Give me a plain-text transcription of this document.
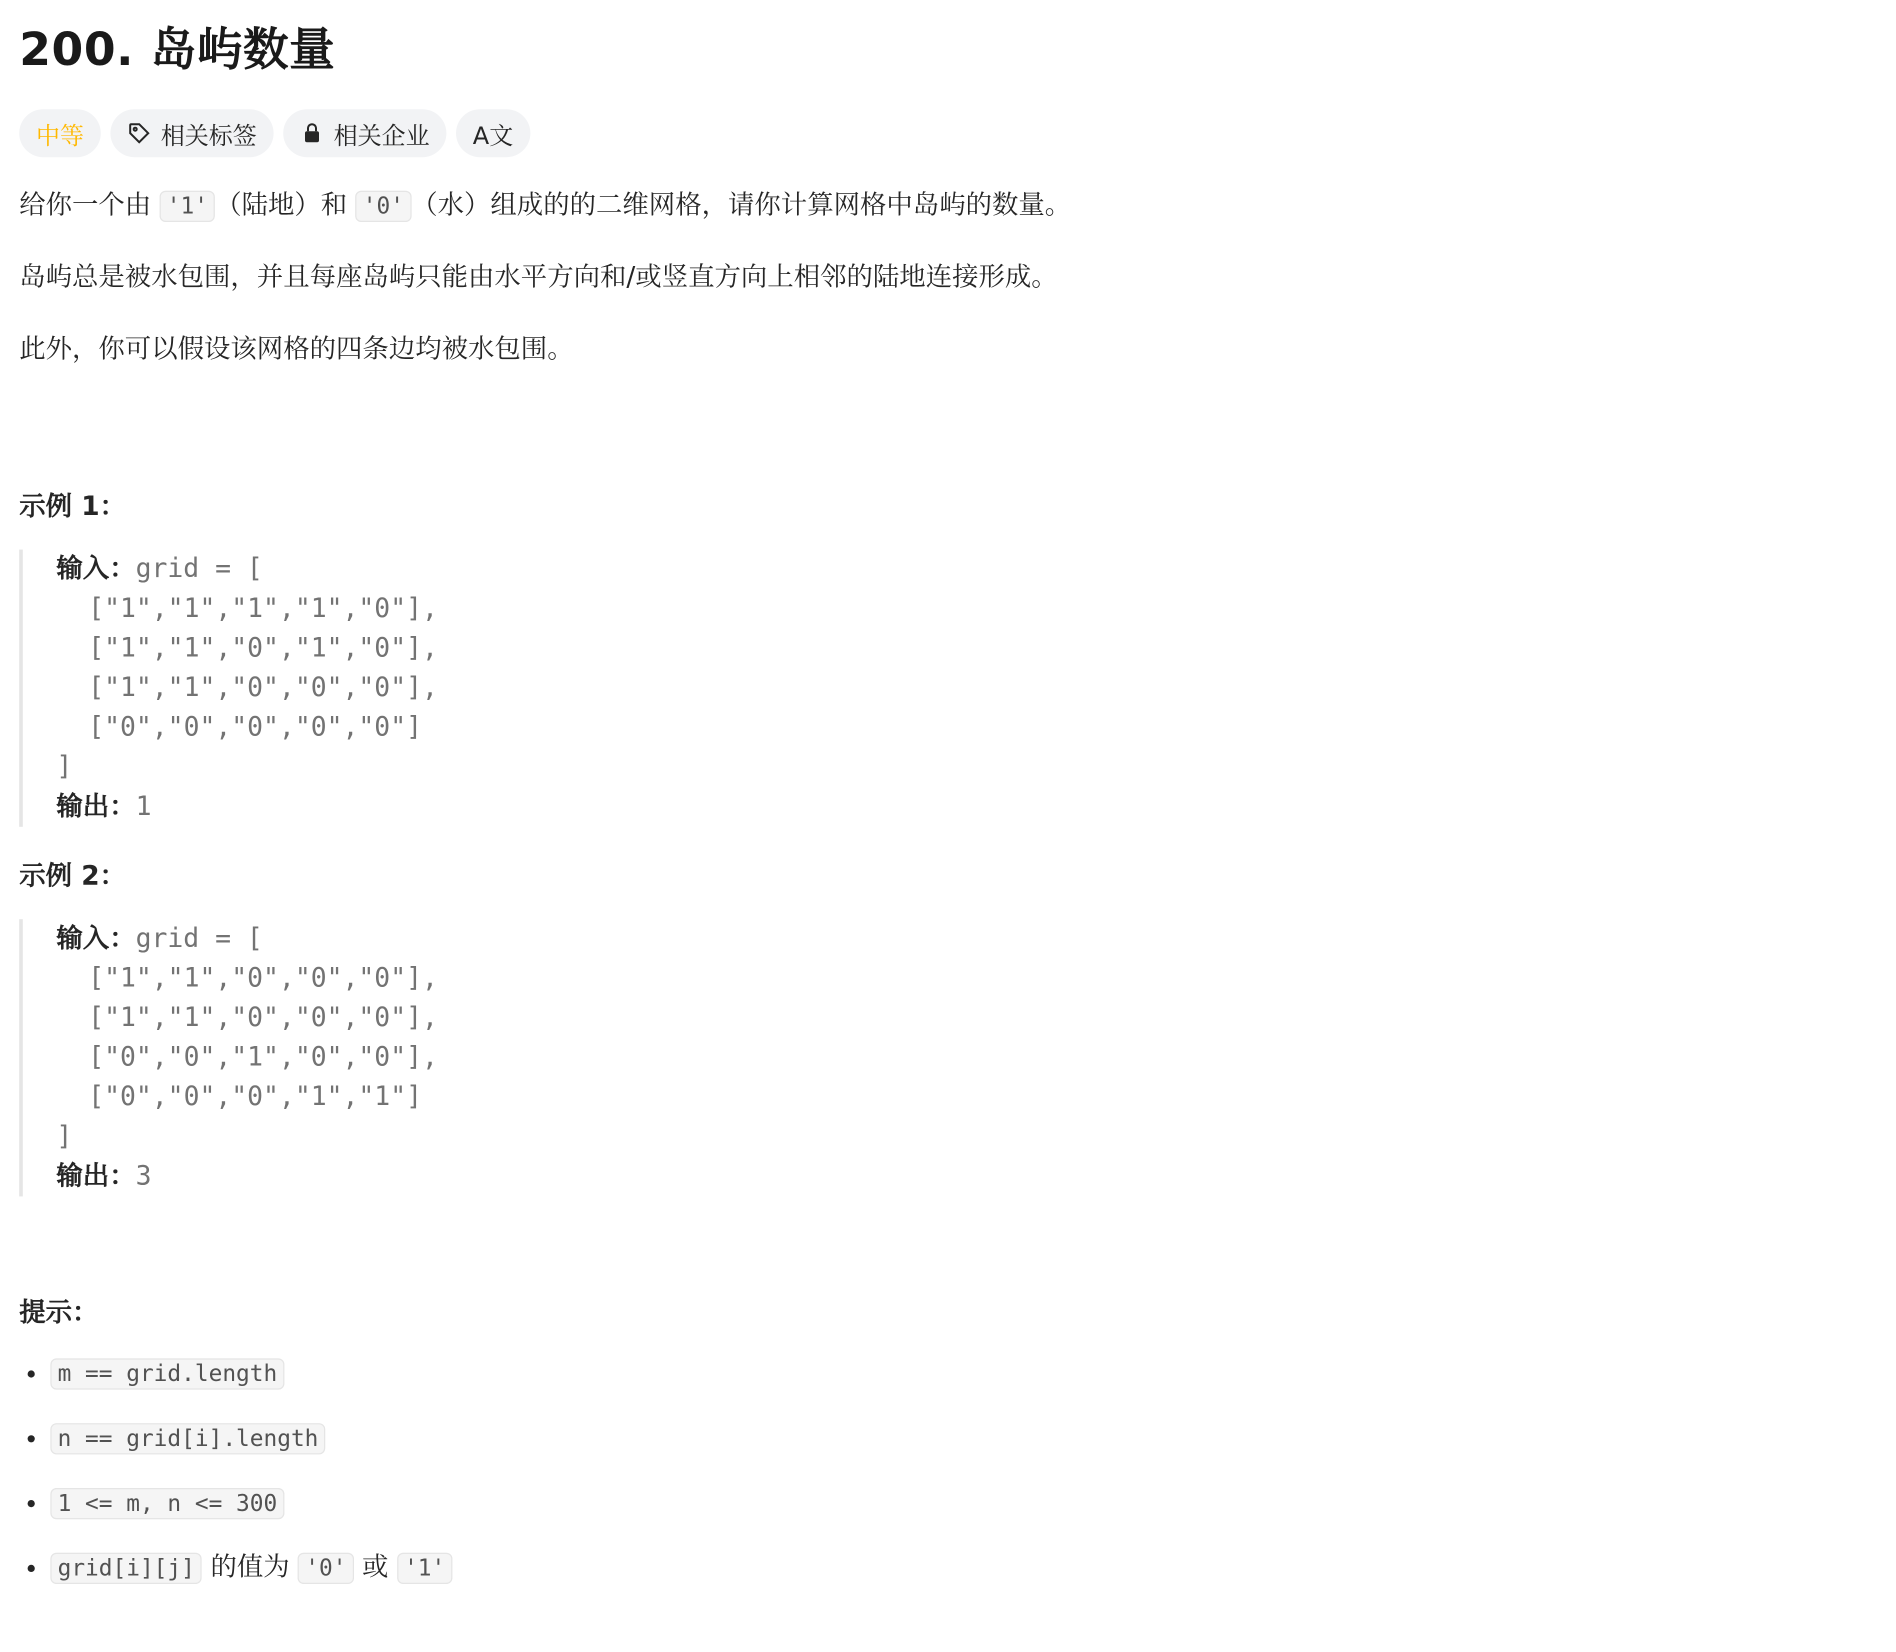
200. 岛屿数量
中等	相关标签	相关企业 A文

给你一个由 '1' （陆地）和 '0' （水）组成的的二维网格，请你计算网格中岛屿的数量。

岛屿总是被水包围，并且每座岛屿只能由水平方向和/或竖直方向上相邻的陆地连接形成。

此外，你可以假设该网格的四条边均被水包围。

示例 1：
输入：grid = [
["1","1","1","1","0"],
["1","1","0","1","0"],
["1","1","0","0","0"],
["0","0","0","0","0"]
]
输出：1
示例 2：
输入：grid = [
["1","1","0","0","0"],
["1","1","0","0","0"],
["0","0","1","0","0"],
["0","0","0","1","1"]
]
输出：3
提示：
• m == grid.length
• n == grid[i].length
• 1 <= m, n <= 300
• grid[i][j] 的值为 '0' 或 '1'
